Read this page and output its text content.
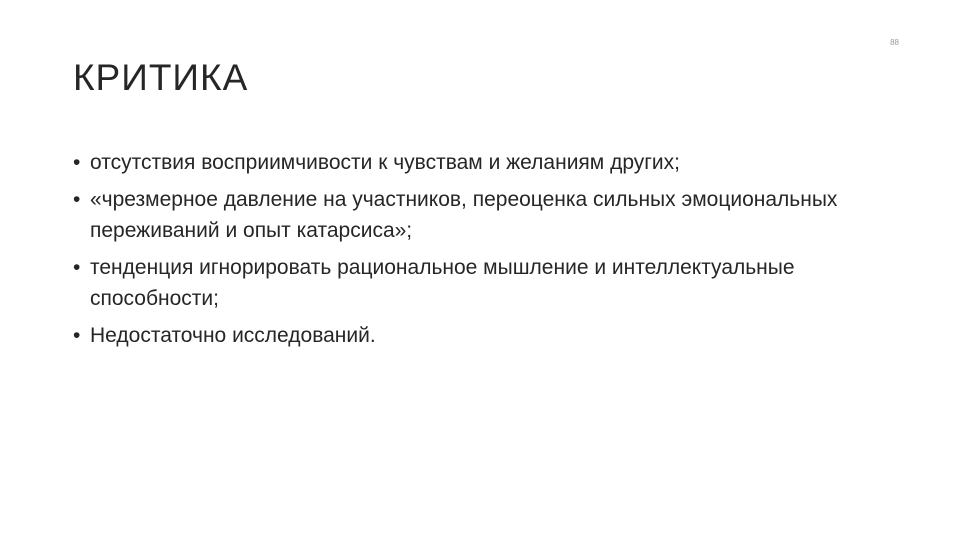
88
КРИТИКА
• отсутствия восприимчивости к чувствам и желаниям других;
• «чрезмерное давление на участников, переоценка сильных эмоциональных переживаний и опыт катарсиса»;
• тенденция игнорировать рациональное мышление и интеллектуальные способности;
• Недостаточно исследований.
